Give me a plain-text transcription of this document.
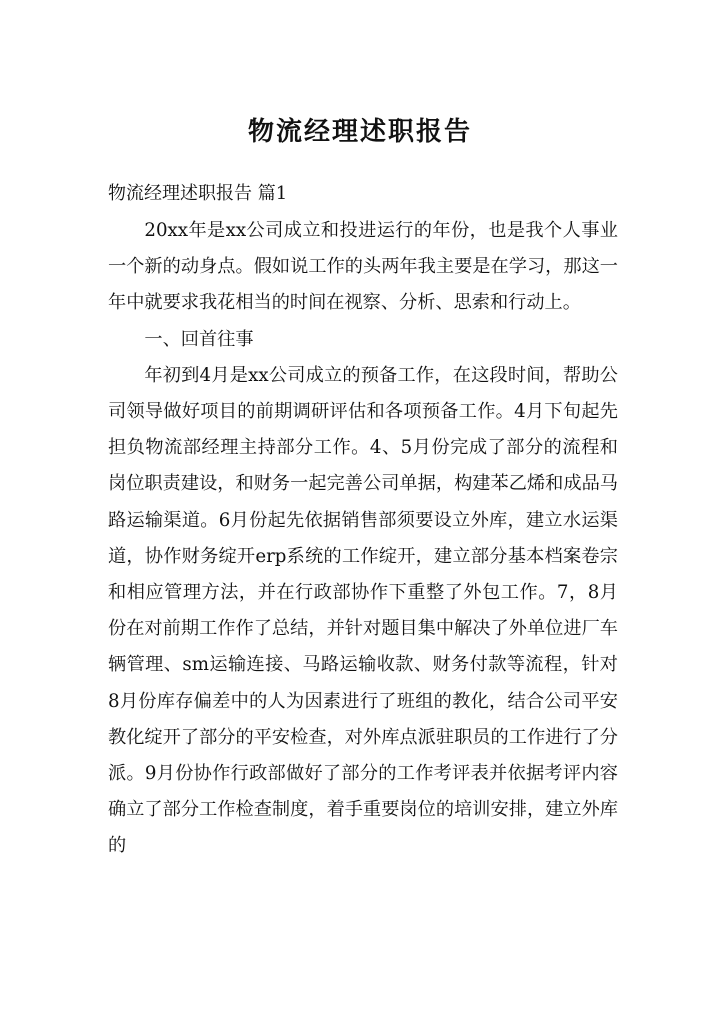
物流经理述职报告
物流经理述职报告 篇1

20xx年是xx公司成立和投进运行的年份，也是我个人事业一个新的动身点。假如说工作的头两年我主要是在学习，那这一年中就要求我花相当的时间在视察、分析、思索和行动上。

一、回首往事

年初到4月是xx公司成立的预备工作，在这段时间，帮助公司领导做好项目的前期调研评估和各项预备工作。4月下旬起先担负物流部经理主持部分工作。4、5月份完成了部分的流程和岗位职责建设，和财务一起完善公司单据，构建苯乙烯和成品马路运输渠道。6月份起先依据销售部须要设立外库，建立水运渠道，协作财务绽开erp系统的工作绽开，建立部分基本档案卷宗和相应管理方法，并在行政部协作下重整了外包工作。7，8月份在对前期工作作了总结，并针对题目集中解决了外单位进厂车辆管理、sm运输连接、马路运输收款、财务付款等流程，针对8月份库存偏差中的人为因素进行了班组的教化，结合公司平安教化绽开了部分的平安检查，对外库点派驻职员的工作进行了分派。9月份协作行政部做好了部分的工作考评表并依据考评内容确立了部分工作检查制度，着手重要岗位的培训安排，建立外库的
